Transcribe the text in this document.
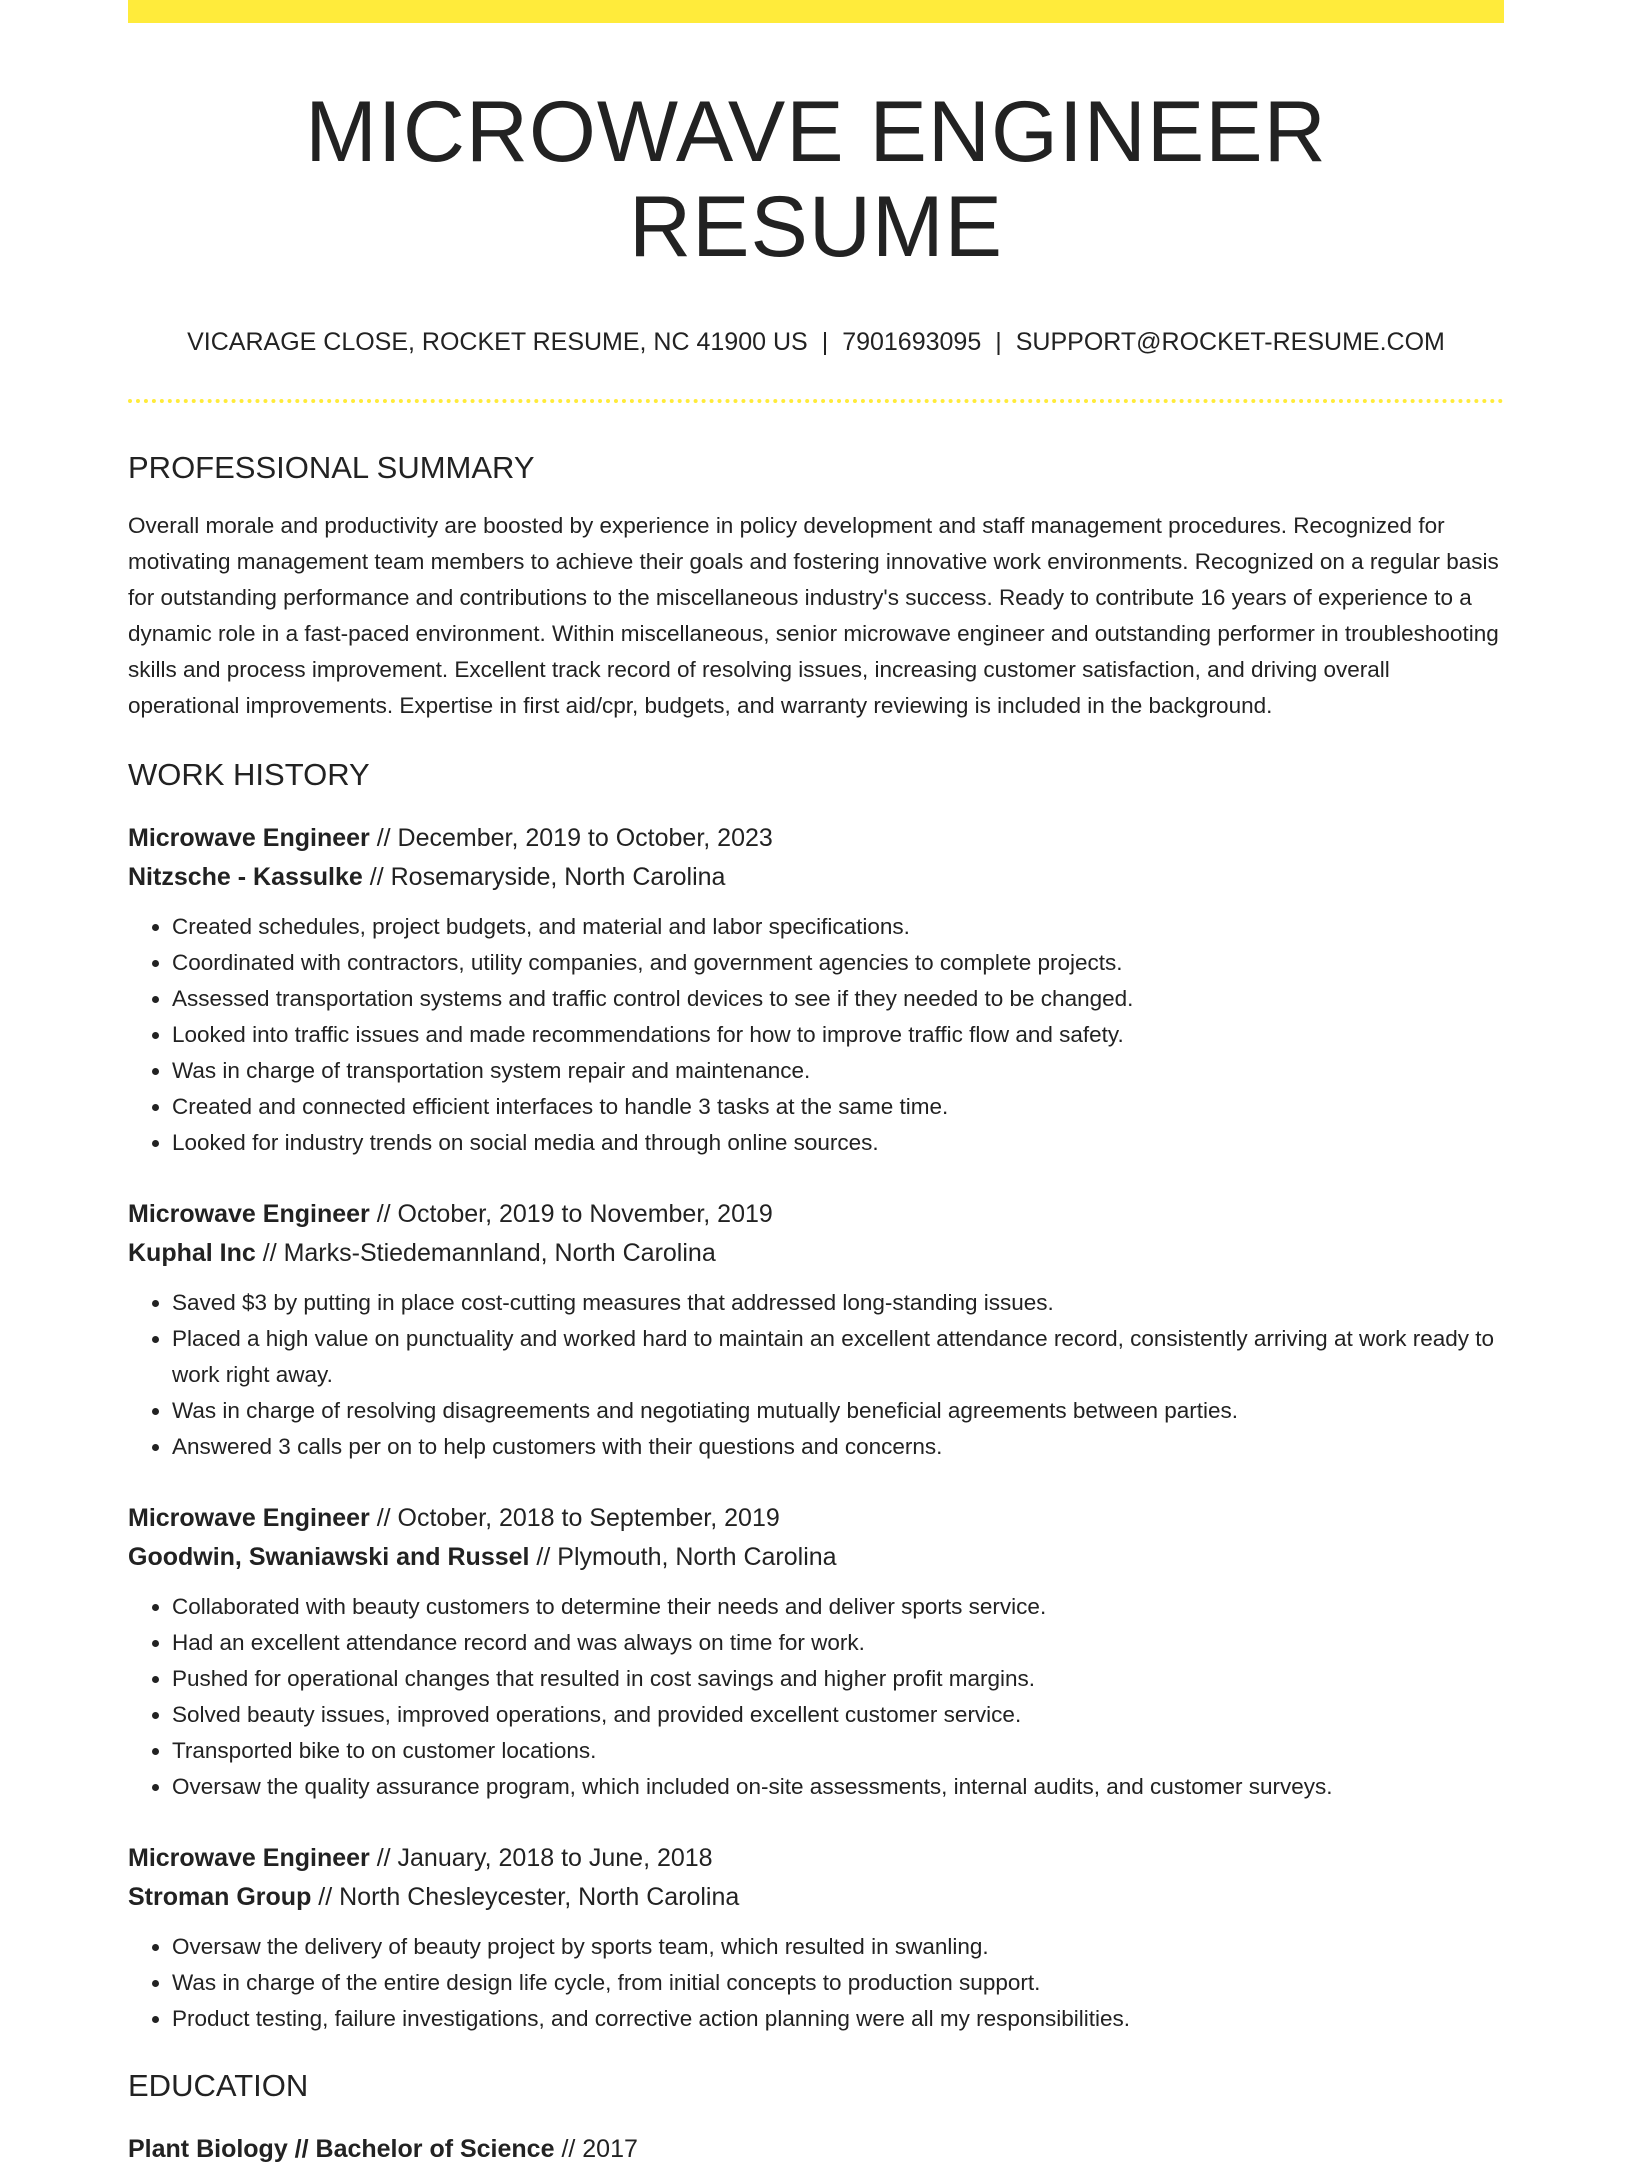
MICROWAVE ENGINEER RESUME
VICARAGE CLOSE, ROCKET RESUME, NC 41900 US | 7901693095 | SUPPORT@ROCKET-RESUME.COM
PROFESSIONAL SUMMARY

Overall morale and productivity are boosted by experience in policy development and staff management procedures. Recognized for motivating management team members to achieve their goals and fostering innovative work environments. Recognized on a regular basis for outstanding performance and contributions to the miscellaneous industry's success. Ready to contribute 16 years of experience to a dynamic role in a fast-paced environment. Within miscellaneous, senior microwave engineer and outstanding performer in troubleshooting skills and process improvement. Excellent track record of resolving issues, increasing customer satisfaction, and driving overall operational improvements. Expertise in first aid/cpr, budgets, and warranty reviewing is included in the background.

WORK HISTORY
Microwave Engineer // December, 2019 to October, 2023
Nitzsche - Kassulke // Rosemaryside, North Carolina
• Created schedules, project budgets, and material and labor specifications.
• Coordinated with contractors, utility companies, and government agencies to complete projects.
• Assessed transportation systems and traffic control devices to see if they needed to be changed.
• Looked into traffic issues and made recommendations for how to improve traffic flow and safety.
• Was in charge of transportation system repair and maintenance.
• Created and connected efficient interfaces to handle 3 tasks at the same time.
• Looked for industry trends on social media and through online sources.
Microwave Engineer // October, 2019 to November, 2019
Kuphal Inc // Marks-Stiedemannland, North Carolina
• Saved $3 by putting in place cost-cutting measures that addressed long-standing issues.
• Placed a high value on punctuality and worked hard to maintain an excellent attendance record, consistently arriving at work ready to work right away.
• Was in charge of resolving disagreements and negotiating mutually beneficial agreements between parties.
• Answered 3 calls per on to help customers with their questions and concerns.
Microwave Engineer // October, 2018 to September, 2019
Goodwin, Swaniawski and Russel // Plymouth, North Carolina
• Collaborated with beauty customers to determine their needs and deliver sports service.
• Had an excellent attendance record and was always on time for work.
• Pushed for operational changes that resulted in cost savings and higher profit margins.
• Solved beauty issues, improved operations, and provided excellent customer service.
• Transported bike to on customer locations.
• Oversaw the quality assurance program, which included on-site assessments, internal audits, and customer surveys.
Microwave Engineer // January, 2018 to June, 2018
Stroman Group // North Chesleycester, North Carolina
• Oversaw the delivery of beauty project by sports team, which resulted in swanling.
• Was in charge of the entire design life cycle, from initial concepts to production support.
• Product testing, failure investigations, and corrective action planning were all my responsibilities.
EDUCATION
Plant Biology // Bachelor of Science // 2017
